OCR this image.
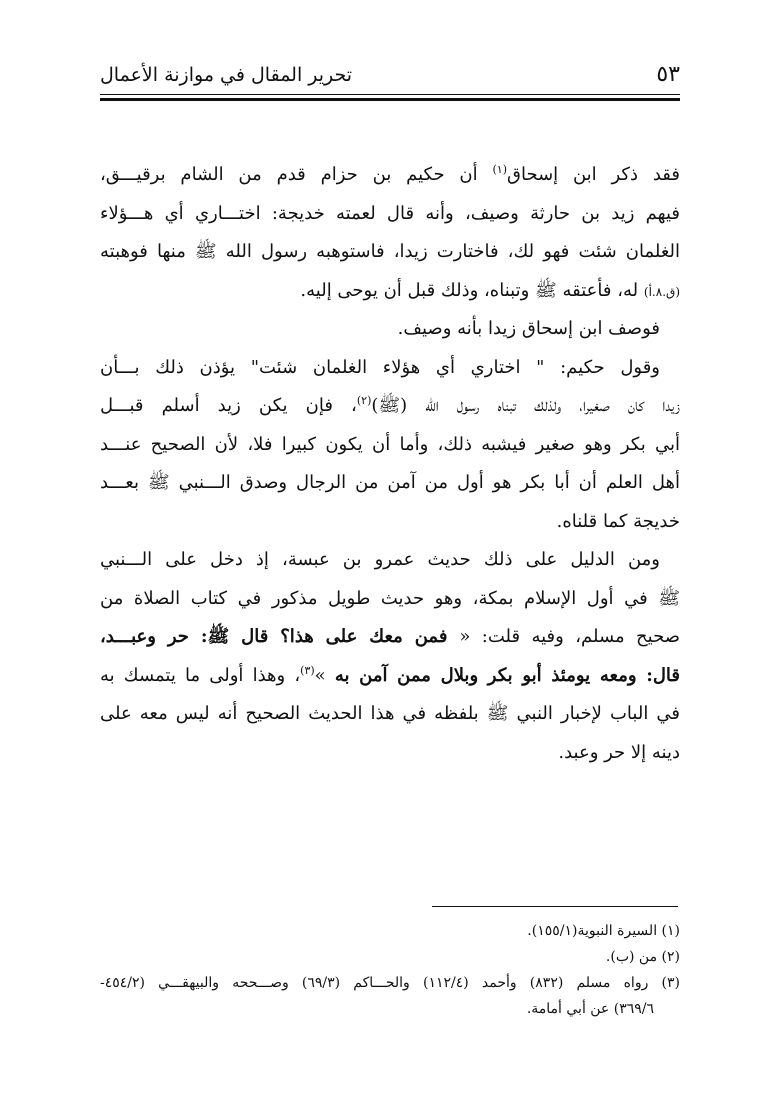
تحرير المقال في موازنة الأعمال	٥٣
فقد ذكر ابن إسحاق$^{(١)}$ أن حكيم بن حزام قدم من الشام برقيـــق،
فيهم زيد بن حارثة وصيف، وأنه قال لعمته خديجة: اختـــاري أي هـــؤلاء
الغلمان شئت فهو لك، فاختارت زيدا، فاستوهبه رسول الله ﷺ منها فوهبته
(ق.٨.أ) له، فأعتقه ﷺ وتبناه، وذلك قبل أن يوحى إليه.
فوصف ابن إسحاق زيدا بأنه وصيف.
وقول حكيم: " اختاري أي هؤلاء الغلمان شئت" يؤذن ذلك بـــأن
زيدا كان صغيرا، ولذلك تبناه رسول الله (ﷺ)$^{(٢)}$، فإن يكن زيد أسلم قبـــل
أبي بكر وهو صغير فيشبه ذلك، وأما أن يكون كبيرا فلا، لأن الصحيح عنـــد
أهل العلم أن أبا بكر هو أول من آمن من الرجال وصدق الـــنبي ﷺ بعـــد
خديجة كما قلناه.
ومن الدليل على ذلك حديث عمرو بن عبسة، إذ دخل على الـــنبي
ﷺ في أول الإسلام بمكة، وهو حديث طويل مذكور في كتاب الصلاة من
صحيح مسلم، وفيه قلت: « فمن معك على هذا؟ قال ﷺ: حر وعبـــد،
قال: ومعه يومئذ أبو بكر وبلال ممن آمن به »$^{(٣)}$، وهذا أولى ما يتمسك به
في الباب لإخبار النبي ﷺ بلفظه في هذا الحديث الصحيح أنه ليس معه على
دينه إلا حر وعبد.
(١) السيرة النبوية(١٥٥/١).
(٢) من (ب).
(٣) رواه مسلم (٨٣٢) وأحمد (١١٢/٤) والحـــاكم (٦٩/٣) وصـــححه والبيهقـــي (٤٥٤/٢-
٣٦٩/٦) عن أبي أمامة.
